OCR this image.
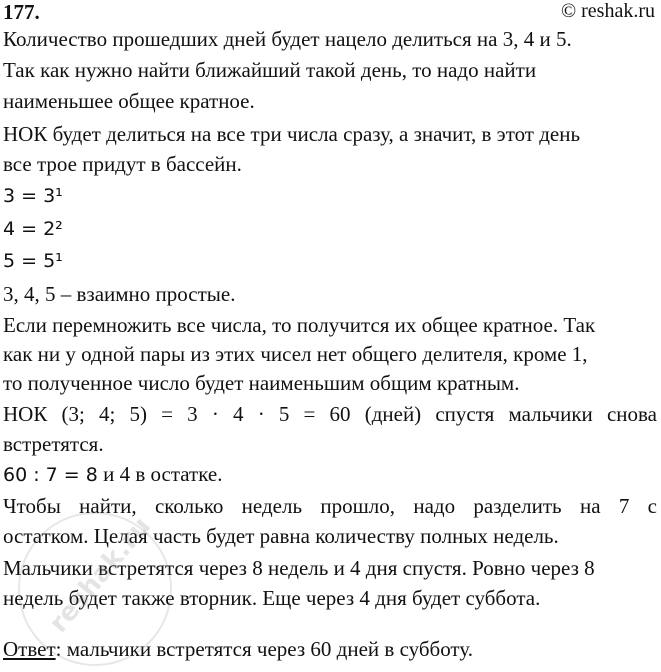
177.	© reshak.ru
Количество прошедших дней будет нацело делиться на 3, 4 и 5.
Так как нужно найти ближайший такой день, то надо найти
наименьшее общее кратное.
НОК будет делиться на все три числа сразу, а значит, в этот день
все трое придут в бассейн.
3 = 3¹
4 = 2²
5 = 5¹
3, 4, 5 – взаимно простые.
Если перемножить все числа, то получится их общее кратное. Так
как ни у одной пары из этих чисел нет общего делителя, кроме 1,
то полученное число будет наименьшим общим кратным.
НОК (3; 4; 5) = 3 · 4 · 5 = 60 (дней) спустя мальчики снова
встретятся.
60 : 7 = 8 и 4 в остатке.
Чтобы найти, сколько недель прошло, надо разделить на 7 с
остатком. Целая часть будет равна количеству полных недель.
Мальчики встретятся через 8 недель и 4 дня спустя. Ровно через 8
недель будет также вторник. Еще через 4 дня будет суббота.
Ответ: мальчики встретятся через 60 дней в субботу.
reshak.ru
